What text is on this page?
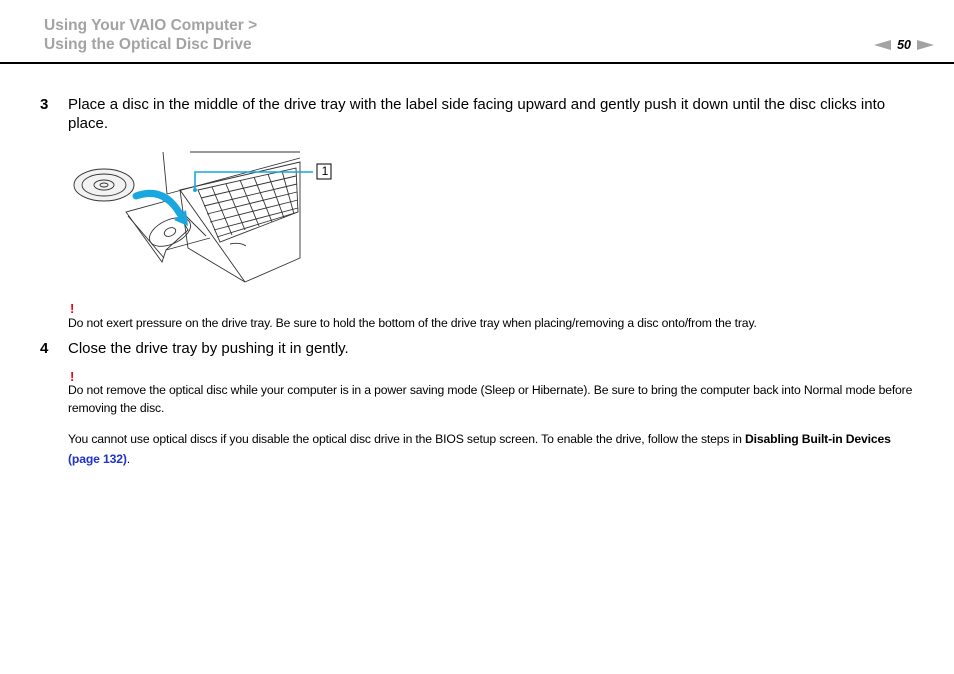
Using Your VAIO Computer >
Using the Optical Disc Drive	50
3 Place a disc in the middle of the drive tray with the label side facing upward and gently push it down until the disc clicks into place.
1
!
Do not exert pressure on the drive tray. Be sure to hold the bottom of the drive tray when placing/removing a disc onto/from the tray.
4 Close the drive tray by pushing it in gently.
!
Do not remove the optical disc while your computer is in a power saving mode (Sleep or Hibernate). Be sure to bring the computer back into Normal mode before removing the disc.
You cannot use optical discs if you disable the optical disc drive in the BIOS setup screen. To enable the drive, follow the steps in Disabling Built-in Devices (page 132).
